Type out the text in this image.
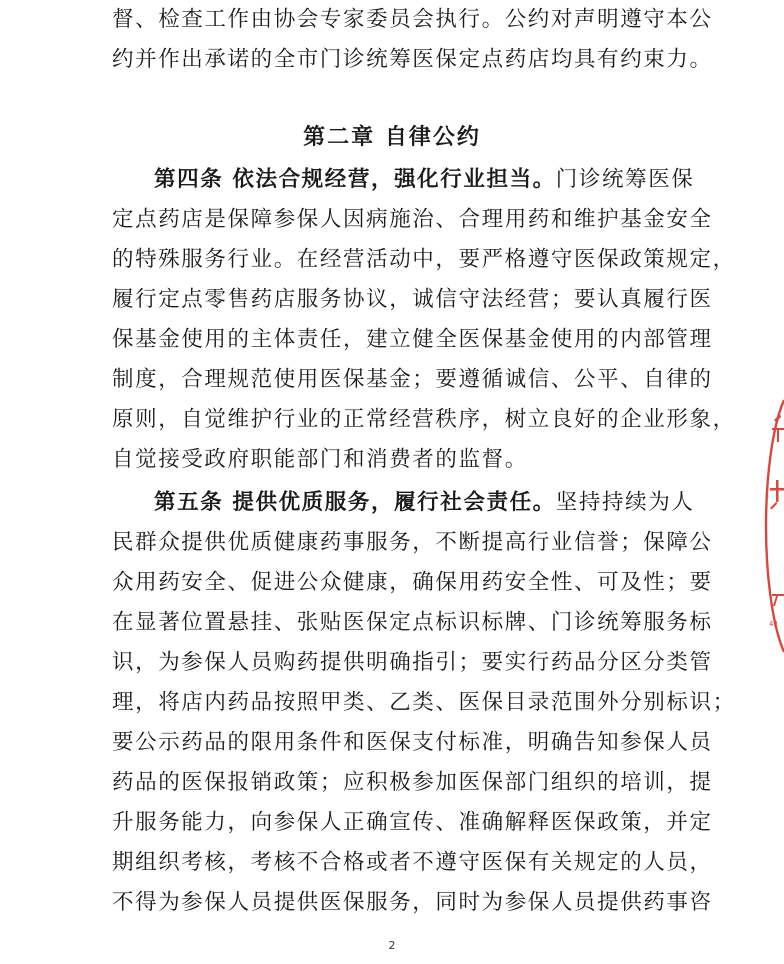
督、检查工作由协会专家委员会执行。公约对声明遵守本公
约并作出承诺的全市门诊统筹医保定点药店均具有约束力。
第二章 自律公约
第四条 依法合规经营，强化行业担当。门诊统筹医保
定点药店是保障参保人因病施治、合理用药和维护基金安全
的特殊服务行业。在经营活动中，要严格遵守医保政策规定，
履行定点零售药店服务协议，诚信守法经营；要认真履行医
保基金使用的主体责任，建立健全医保基金使用的内部管理
制度，合理规范使用医保基金；要遵循诚信、公平、自律的
原则，自觉维护行业的正常经营秩序，树立良好的企业形象，
自觉接受政府职能部门和消费者的监督。
第五条 提供优质服务，履行社会责任。坚持持续为人
民群众提供优质健康药事服务，不断提高行业信誉；保障公
众用药安全、促进公众健康，确保用药安全性、可及性；要
在显著位置悬挂、张贴医保定点标识标牌、门诊统筹服务标
识，为参保人员购药提供明确指引；要实行药品分区分类管
理，将店内药品按照甲类、乙类、医保目录范围外分别标识；
要公示药品的限用条件和医保支付标准，明确告知参保人员
药品的医保报销政策；应积极参加医保部门组织的培训，提
升服务能力，向参保人正确宣传、准确解释医保政策，并定
期组织考核，考核不合格或者不遵守医保有关规定的人员，
不得为参保人员提供医保服务，同时为参保人员提供药事咨
2
42
